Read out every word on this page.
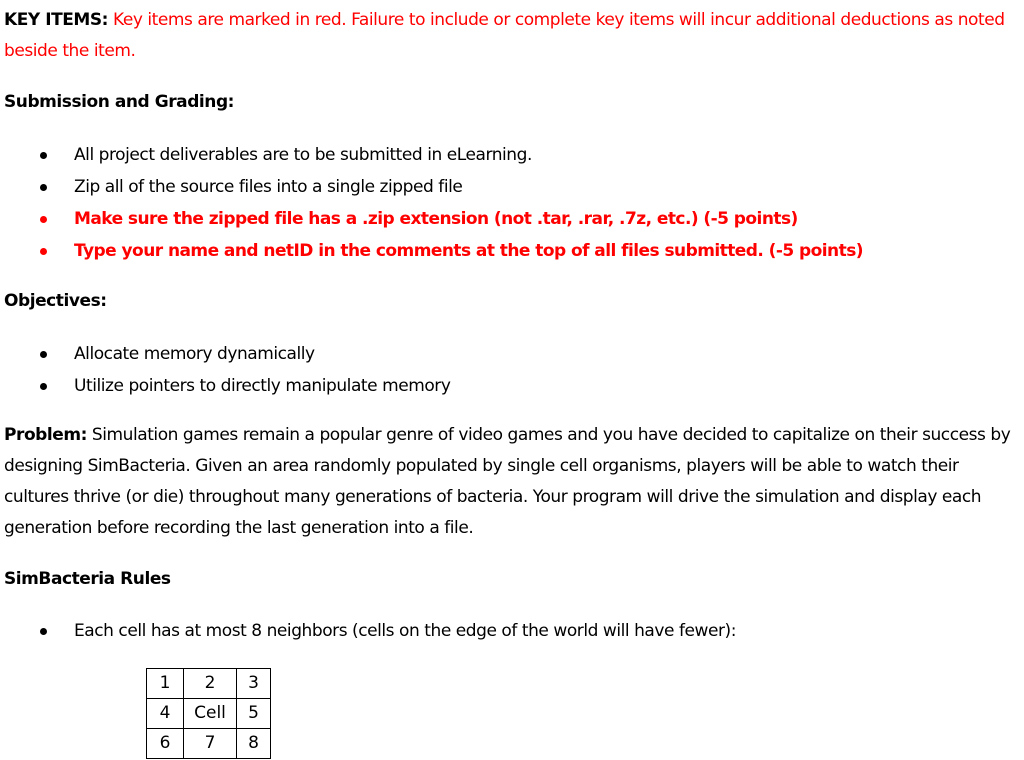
KEY ITEMS: Key items are marked in red. Failure to include or complete key items will incur additional deductions as noted beside the item.

Submission and Grading:
All project deliverables are to be submitted in eLearning.
Zip all of the source files into a single zipped file
Make sure the zipped file has a .zip extension (not .tar, .rar, .7z, etc.) (-5 points)
Type your name and netID in the comments at the top of all files submitted. (-5 points)
Objectives:
Allocate memory dynamically
Utilize pointers to directly manipulate memory

Problem: Simulation games remain a popular genre of video games and you have decided to capitalize on their success by designing SimBacteria. Given an area randomly populated by single cell organisms, players will be able to watch their cultures thrive (or die) throughout many generations of bacteria. Your program will drive the simulation and display each generation before recording the last generation into a file.

SimBacteria Rules
Each cell has at most 8 neighbors (cells on the edge of the world will have fewer):
1	2	3
4	Cell	5
6	7	8
